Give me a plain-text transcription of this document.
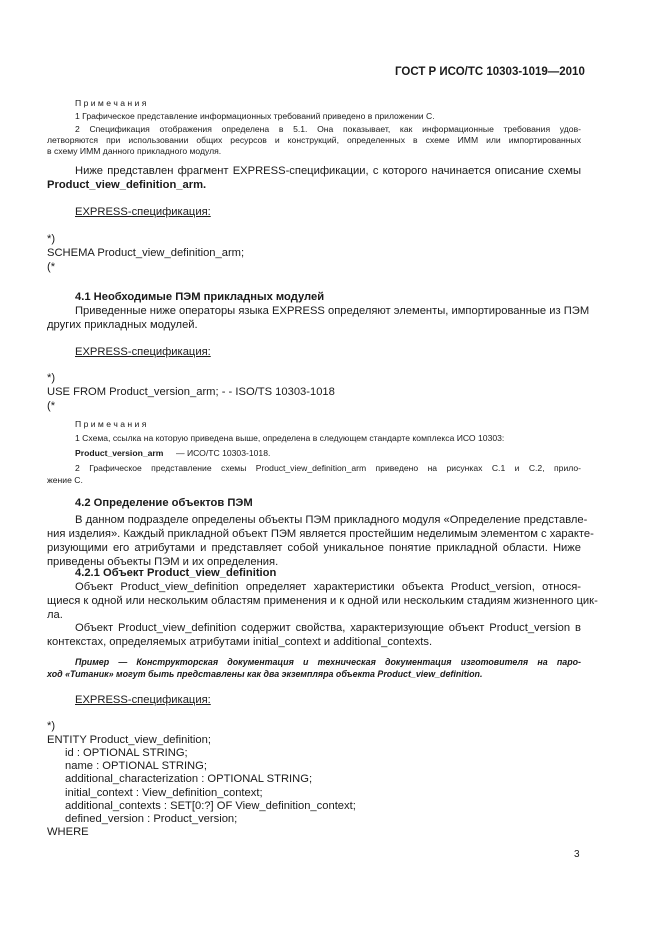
ГОСТ Р ИСО/ТС 10303-1019—2010
П р и м е ч а н и я
1 Графическое представление информационных требований приведено в приложении С.
2 Спецификация отображения определена в 5.1. Она показывает, как информационные требования удов-
летворяются при использовании общих ресурсов и конструкций, определенных в схеме ИММ или импортированных
в схему ИММ данного прикладного модуля.
Ниже представлен фрагмент EXPRESS-спецификации, с которого начинается описание схемы
Product_view_definition_arm.
EXPRESS-спецификация:
*)
SCHEMA Product_view_definition_arm;
(*
4.1 Необходимые ПЭМ прикладных модулей
Приведенные ниже операторы языка EXPRESS определяют элементы, импортированные из ПЭМ
других прикладных модулей.
EXPRESS-спецификация:
*)
USE FROM Product_version_arm; - - ISO/TS 10303-1018
(*
П р и м е ч а н и я
1 Схема, ссылка на которую приведена выше, определена в следующем стандарте комплекса ИСО 10303:
Product_version_arm — ИСО/ТС 10303-1018.
2 Графическое представление схемы Product_view_definition_arm приведено на рисунках С.1 и С.2, прило-
жение С.
4.2 Определение объектов ПЭМ
В данном подразделе определены объекты ПЭМ прикладного модуля «Определение представле-
ния изделия». Каждый прикладной объект ПЭМ является простейшим неделимым элементом с характе-
ризующими его атрибутами и представляет собой уникальное понятие прикладной области. Ниже
приведены объекты ПЭМ и их определения.
4.2.1 Объект Product_view_definition
Объект Product_view_definition определяет характеристики объекта Product_version, относя-
щиеся к одной или нескольким областям применения и к одной или нескольким стадиям жизненного цик-
ла.
Объект Product_view_definition содержит свойства, характеризующие объект Product_version в
контекстах, определяемых атрибутами initial_context и additional_contexts.
Пример — Конструкторская документация и техническая документация изготовителя на паро-
ход «Титаник» могут быть представлены как два экземпляра объекта Product_view_definition.
EXPRESS-спецификация:
*)
ENTITY Product_view_definition;
id : OPTIONAL STRING;
name : OPTIONAL STRING;
additional_characterization : OPTIONAL STRING;
initial_context : View_definition_context;
additional_contexts : SET[0:?] OF View_definition_context;
defined_version : Product_version;
WHERE
3
